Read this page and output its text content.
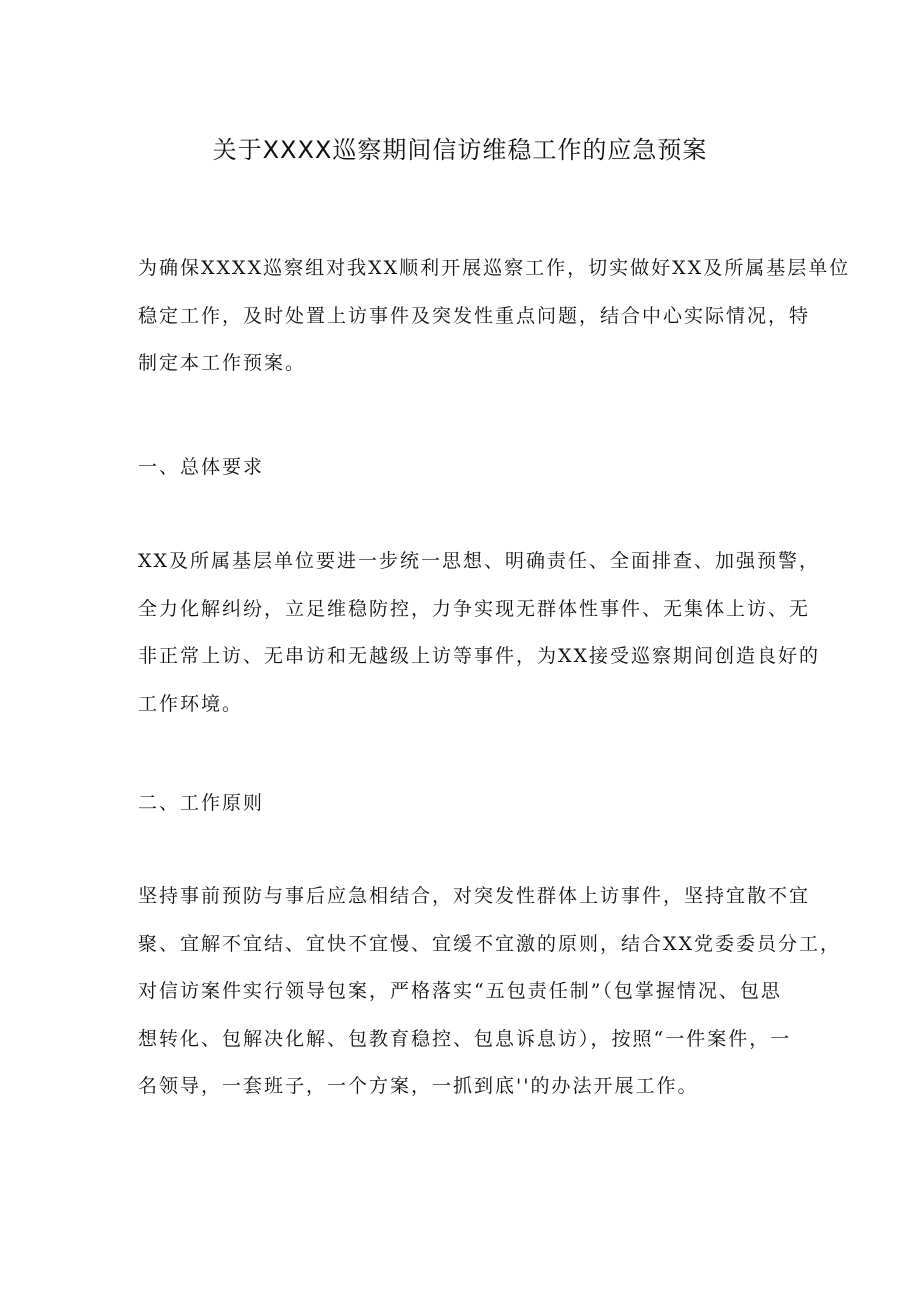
关于XXXX巡察期间信访维稳工作的应急预案
为确保XXXX巡察组对我XX顺利开展巡察工作，切实做好XX及所属基层单位
稳定工作，及时处置上访事件及突发性重点问题，结合中心实际情况，特
制定本工作预案。
一、总体要求
XX及所属基层单位要进一步统一思想、明确责任、全面排查、加强预警，
全力化解纠纷，立足维稳防控，力争实现无群体性事件、无集体上访、无
非正常上访、无串访和无越级上访等事件，为XX接受巡察期间创造良好的
工作环境。
二、工作原则
坚持事前预防与事后应急相结合，对突发性群体上访事件，坚持宜散不宜
聚、宜解不宜结、宜快不宜慢、宜缓不宜激的原则，结合XX党委委员分工，
对信访案件实行领导包案，严格落实“五包责任制”（包掌握情况、包思
想转化、包解决化解、包教育稳控、包息诉息访），按照“一件案件，一
名领导，一套班子，一个方案，一抓到底''的办法开展工作。
